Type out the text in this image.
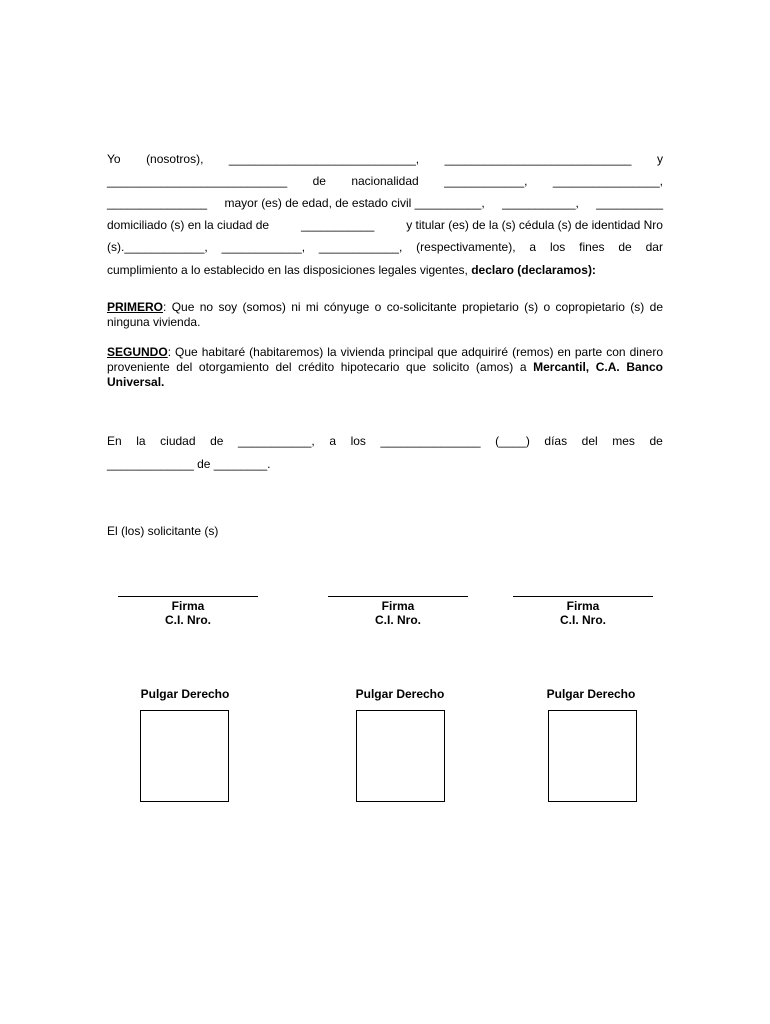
Yo (nosotros), ____________________________, ____________________________ y
___________________________ de nacionalidad ____________, ________________,
_______________ mayor (es) de edad, de estado civil __________, ___________, __________
domiciliado (s) en la ciudad de	___________	y titular (es) de la (s) cédula (s) de identidad Nro
(s).____________, ____________, ____________, (respectivamente), a los fines de dar
cumplimiento a lo establecido en las disposiciones legales vigentes, declaro (declaramos):
PRIMERO: Que no soy (somos) ni mi cónyuge o co-solicitante propietario (s) o copropietario (s) de ninguna vivienda.
SEGUNDO: Que habitaré (habitaremos) la vivienda principal que adquiriré (remos) en parte con dinero proveniente del otorgamiento del crédito hipotecario que solicito (amos) a Mercantil, C.A. Banco Universal.
En la ciudad de ___________, a los _______________ (____) días del mes de
_____________ de ________.
El (los) solicitante (s)
Firma
C.I. Nro.
Firma
C.I. Nro.
Firma
C.I. Nro.
Pulgar Derecho	Pulgar Derecho	Pulgar Derecho
